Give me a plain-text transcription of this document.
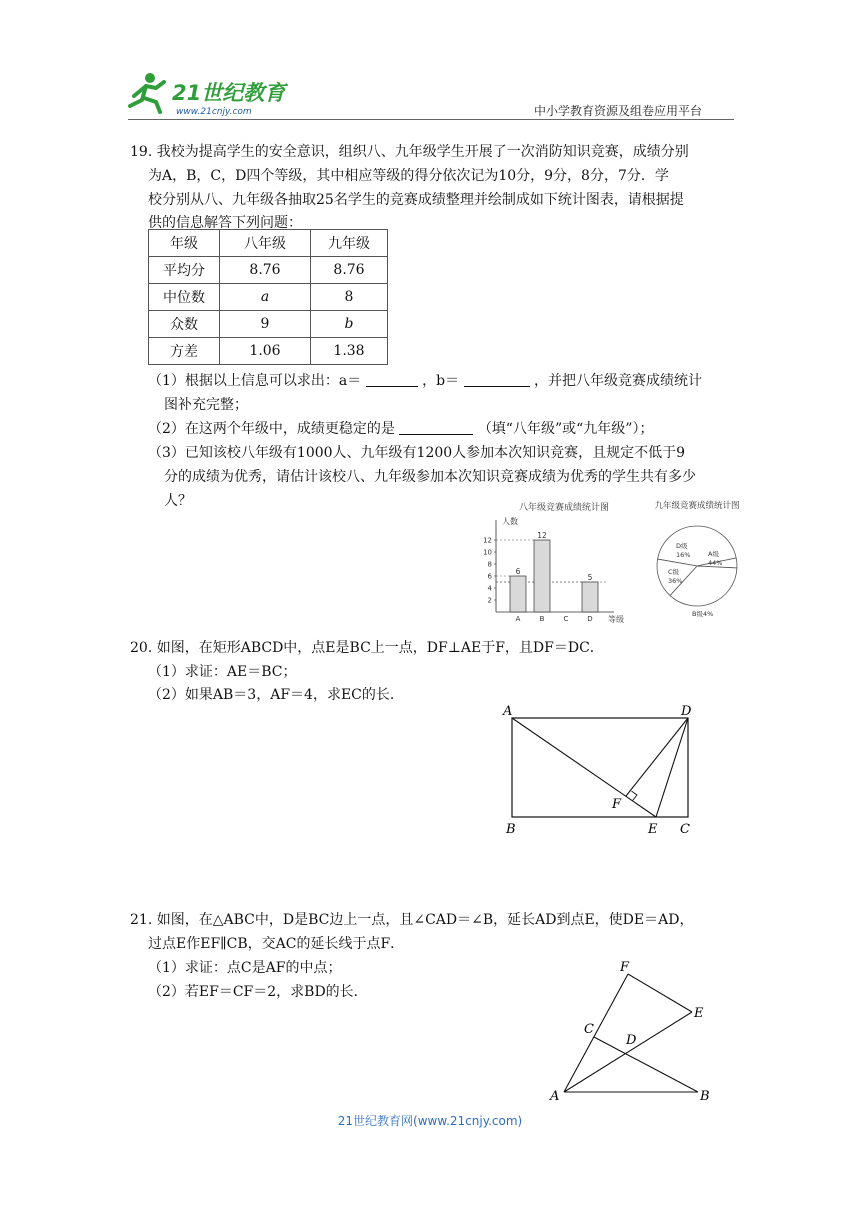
21世纪教育
www.21cnjy.com	中小学教育资源及组卷应用平台
19. 我校为提高学生的安全意识，组织八、九年级学生开展了一次消防知识竞赛，成绩分别
为A，B，C，D四个等级，其中相应等级的得分依次记为10分，9分，8分，7分．学
校分别从八、九年级各抽取25名学生的竞赛成绩整理并绘制成如下统计图表，请根据提
供的信息解答下列问题：
年级	八年级	九年级
平均分	8.76	8.76
中位数	a	8
众数	9	b
方差	1.06	1.38
（1）根据以上信息可以求出：a＝	，b＝	，并把八年级竞赛成绩统计
图补充完整；
（2）在这两个年级中，成绩更稳定的是	（填“八年级”或“九年级”）；
（3）已知该校八年级有1000人、九年级有1200人参加本次知识竞赛，且规定不低于9
分的成绩为优秀，请估计该校八、九年级参加本次知识竞赛成绩为优秀的学生共有多少
人？	八年级竞赛成绩统计图
人数
等级
2
4
6
8
10
12
6
12
5
A	B	C	D
九年级竞赛成绩统计图
A级
44%
B级4%
C级
36%
D级
16%
20. 如图，在矩形ABCD中，点E是BC上一点，DF⊥AE于F，且DF＝DC．
（1）求证：AE＝BC；
（2）如果AB＝3，AF＝4，求EC的长．
A	D
B	E C
F
21. 如图，在△ABC中，D是BC边上一点，且∠CAD＝∠B，延长AD到点E，使DE＝AD，
过点E作EF∥CB，交AC的延长线于点F．
（1）求证：点C是AF的中点；
（2）若EF＝CF＝2，求BD的长．
F
E
C
D
A	B
21世纪教育网(www.21cnjy.com)
